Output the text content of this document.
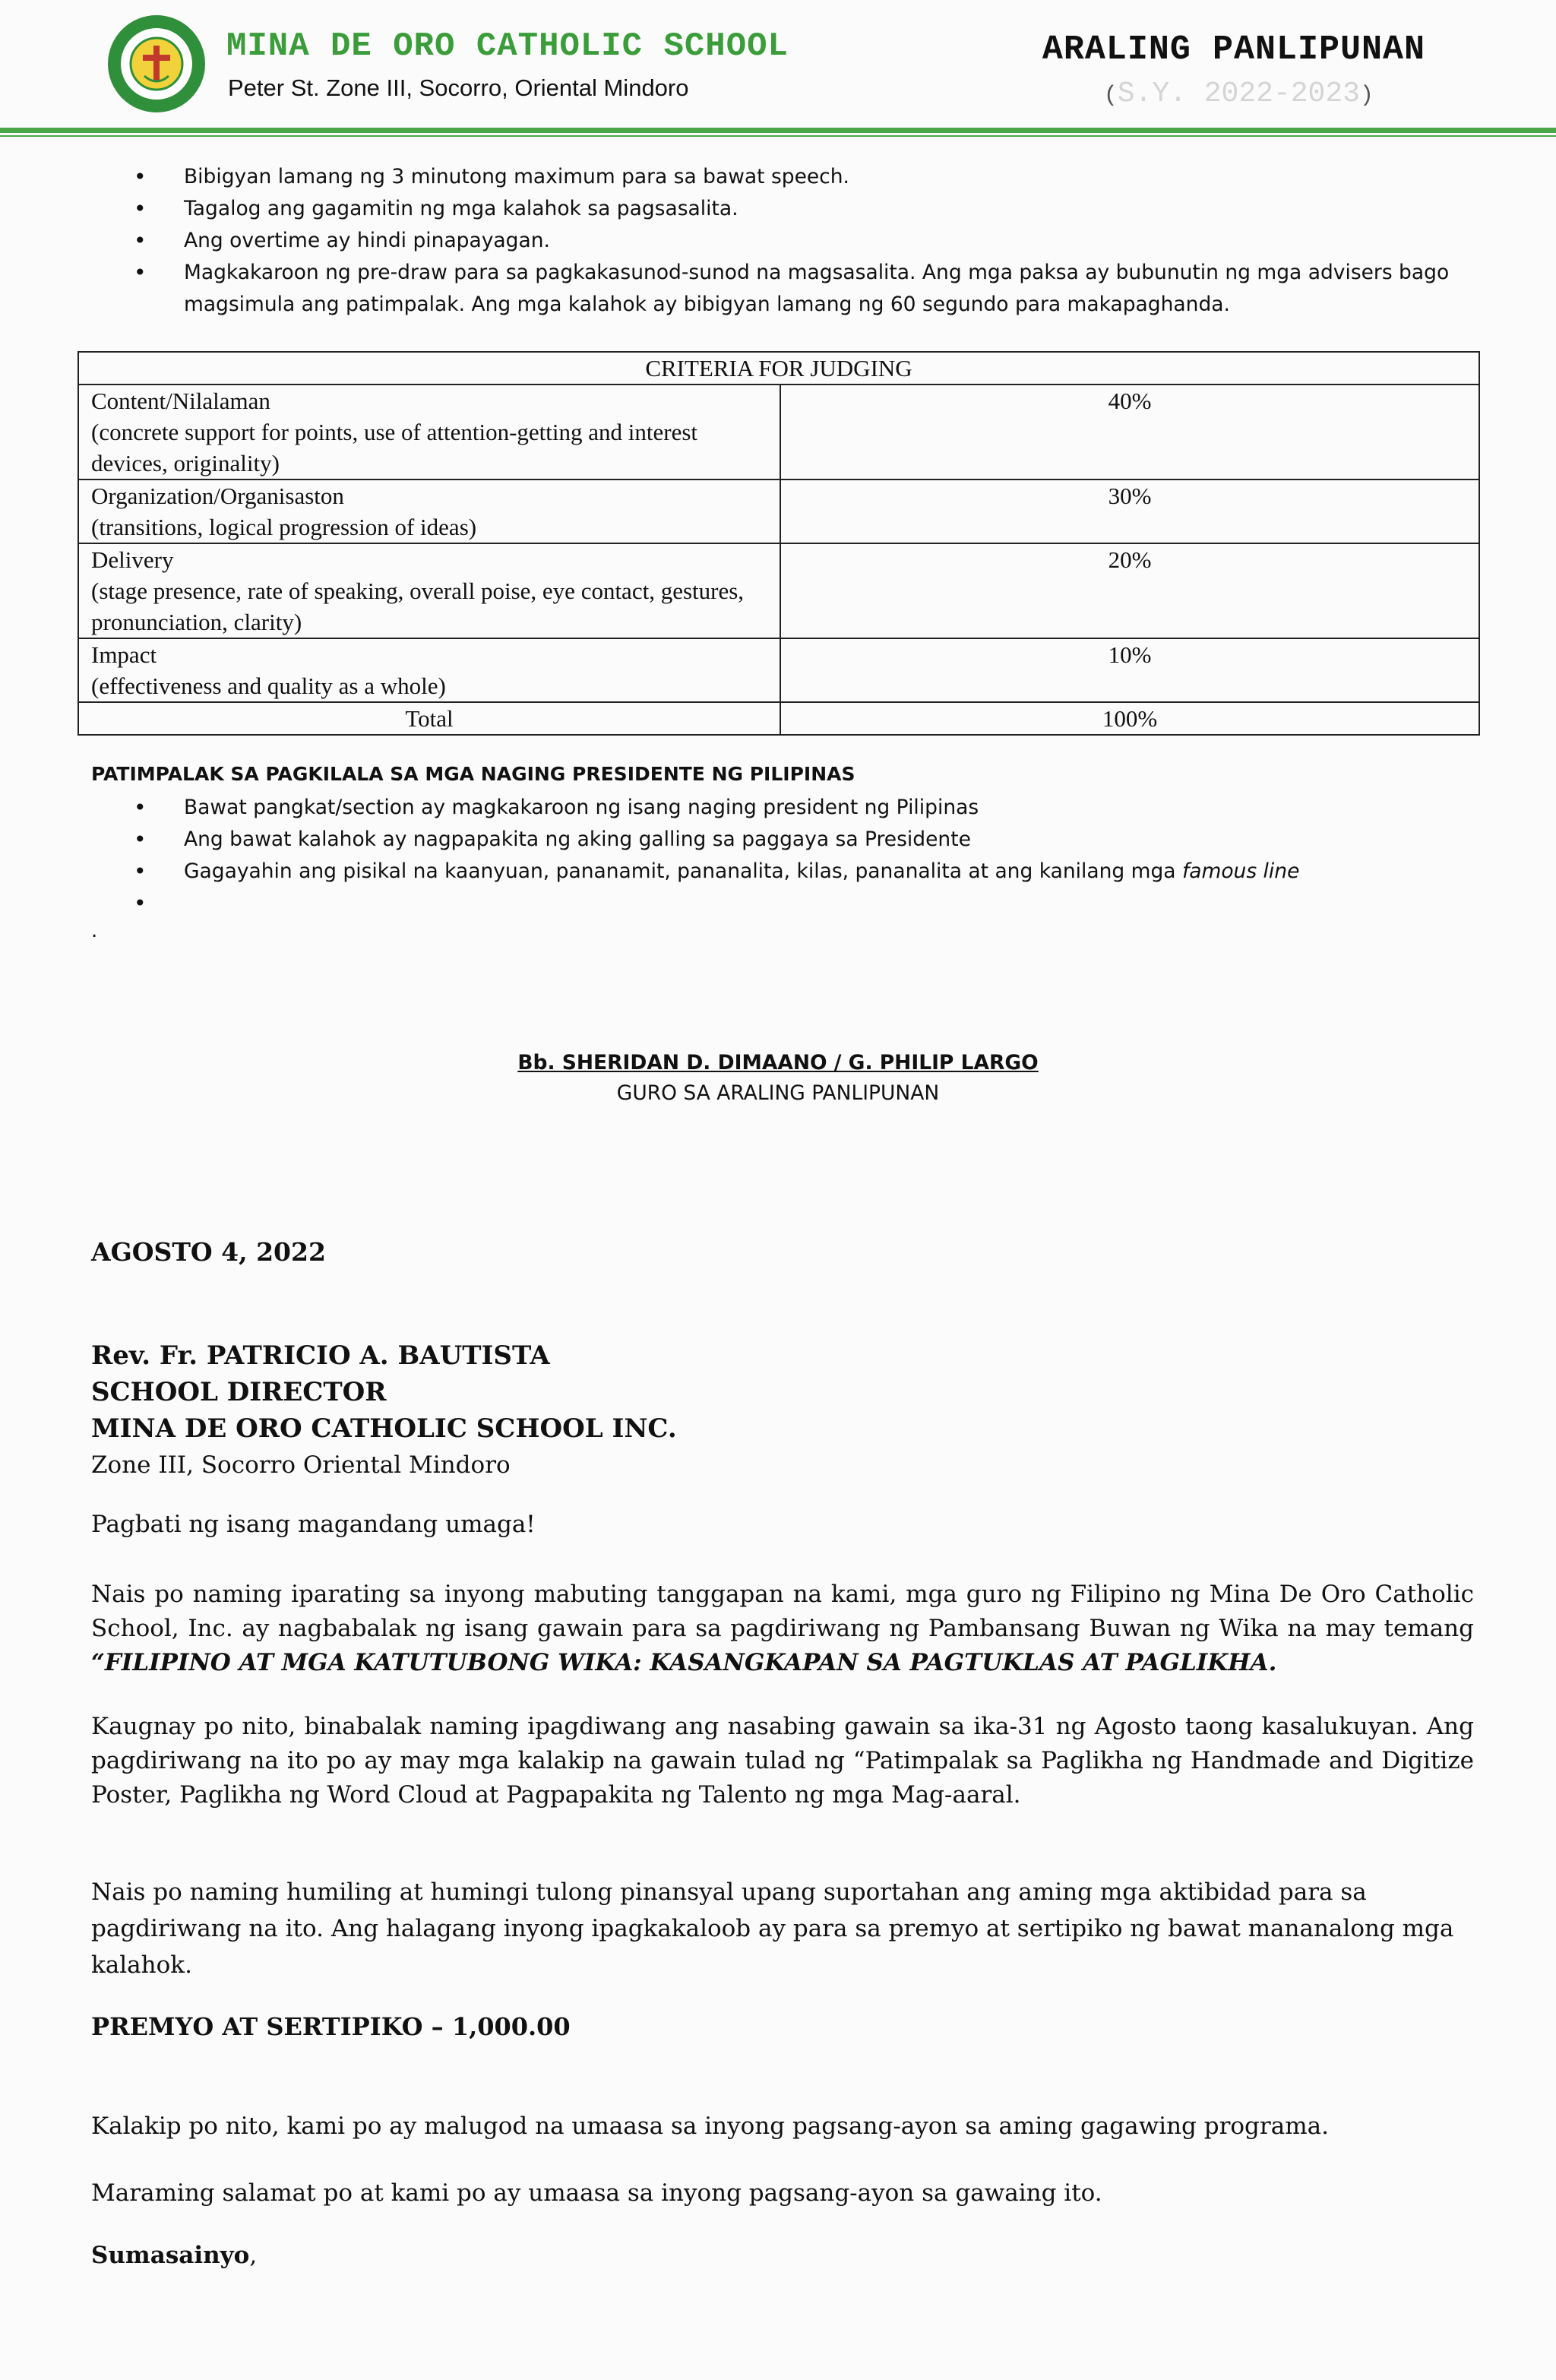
MINA DE ORO CATHOLIC SCHOOL
Peter St. Zone III, Socorro, Oriental Mindoro
ARALING PANLIPUNAN
(S.Y. 2022-2023)
• Bibigyan lamang ng 3 minutong maximum para sa bawat speech.
• Tagalog ang gagamitin ng mga kalahok sa pagsasalita.
• Ang overtime ay hindi pinapayagan.
• Magkakaroon ng pre-draw para sa pagkakasunod-sunod na magsasalita. Ang mga paksa ay bubunutin ng mga advisers bago magsimula ang patimpalak. Ang mga kalahok ay bibigyan lamang ng 60 segundo para makapaghanda.
CRITERIA FOR JUDGING	

Content/Nilalaman
(concrete support for points, use of attention-getting and interest devices, originality)	40%

Organization/Organisaston
(transitions, logical progression of ideas)	30%

Delivery
(stage presence, rate of speaking, overall poise, eye contact, gestures, pronunciation, clarity)	20%

Impact
(effectiveness and quality as a whole)	10%
Total	100%
PATIMPALAK SA PAGKILALA SA MGA NAGING PRESIDENTE NG PILIPINAS
• Bawat pangkat/section ay magkakaroon ng isang naging president ng Pilipinas
• Ang bawat kalahok ay nagpapakita ng aking galling sa paggaya sa Presidente
• Gagayahin ang pisikal na kaanyuan, pananamit, pananalita, kilas, pananalita at ang kanilang mga famous line
.
Bb. SHERIDAN D. DIMAANO / G. PHILIP LARGO
GURO SA ARALING PANLIPUNAN
AGOSTO 4, 2022
Rev. Fr. PATRICIO A. BAUTISTA
SCHOOL DIRECTOR
MINA DE ORO CATHOLIC SCHOOL INC.
Zone III, Socorro Oriental Mindoro
Pagbati ng isang magandang umaga!
Nais po naming iparating sa inyong mabuting tanggapan na kami, mga guro ng Filipino ng Mina De Oro Catholic School, Inc. ay nagbabalak ng isang gawain para sa pagdiriwang ng Pambansang Buwan ng Wika na may temang “FILIPINO AT MGA KATUTUBONG WIKA: KASANGKAPAN SA PAGTUKLAS AT PAGLIKHA.
Kaugnay po nito, binabalak naming ipagdiwang ang nasabing gawain sa ika-31 ng Agosto taong kasalukuyan. Ang pagdiriwang na ito po ay may mga kalakip na gawain tulad ng “Patimpalak sa Paglikha ng Handmade and Digitize Poster, Paglikha ng Word Cloud at Pagpapakita ng Talento ng mga Mag-aaral.
Nais po naming humiling at humingi tulong pinansyal upang suportahan ang aming mga aktibidad para sa pagdiriwang na ito. Ang halagang inyong ipagkakaloob ay para sa premyo at sertipiko ng bawat mananalong mga kalahok.
PREMYO AT SERTIPIKO – 1,000.00
Kalakip po nito, kami po ay malugod na umaasa sa inyong pagsang-ayon sa aming gagawing programa.
Maraming salamat po at kami po ay umaasa sa inyong pagsang-ayon sa gawaing ito.
Sumasainyo,
